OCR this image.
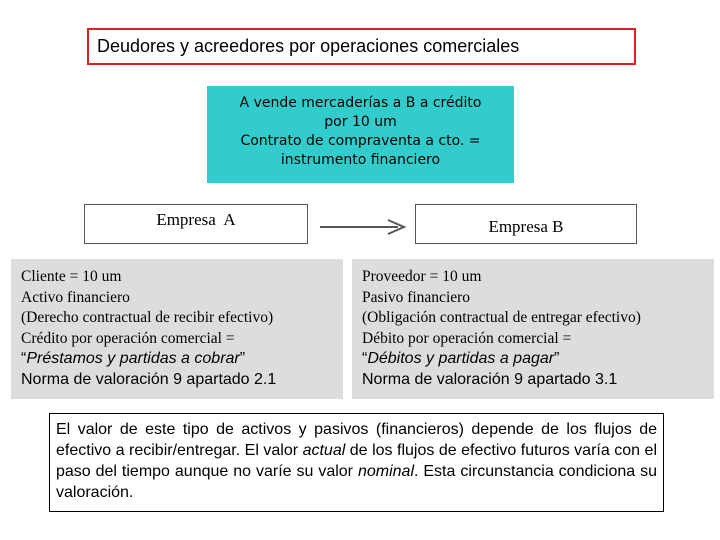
Deudores y acreedores por operaciones comerciales
A vende mercaderías a B a crédito
por 10 um
Contrato de compraventa a cto. =
instrumento financiero
Empresa  A	Empresa B
Cliente = 10 um
Activo financiero
(Derecho contractual de recibir efectivo)
Crédito por operación comercial =
“Préstamos y partidas a cobrar”
Norma de valoración 9 apartado 2.1
Proveedor = 10 um
Pasivo financiero
(Obligación contractual de entregar efectivo)
Débito por operación comercial =
“Débitos y partidas a pagar”
Norma de valoración 9 apartado 3.1
El valor de este tipo de activos y pasivos (financieros) depende de los flujos de efectivo a recibir/entregar. El valor actual de los flujos de efectivo futuros varía con el paso del tiempo aunque no varíe su valor nominal. Esta circunstancia condiciona su valoración.
